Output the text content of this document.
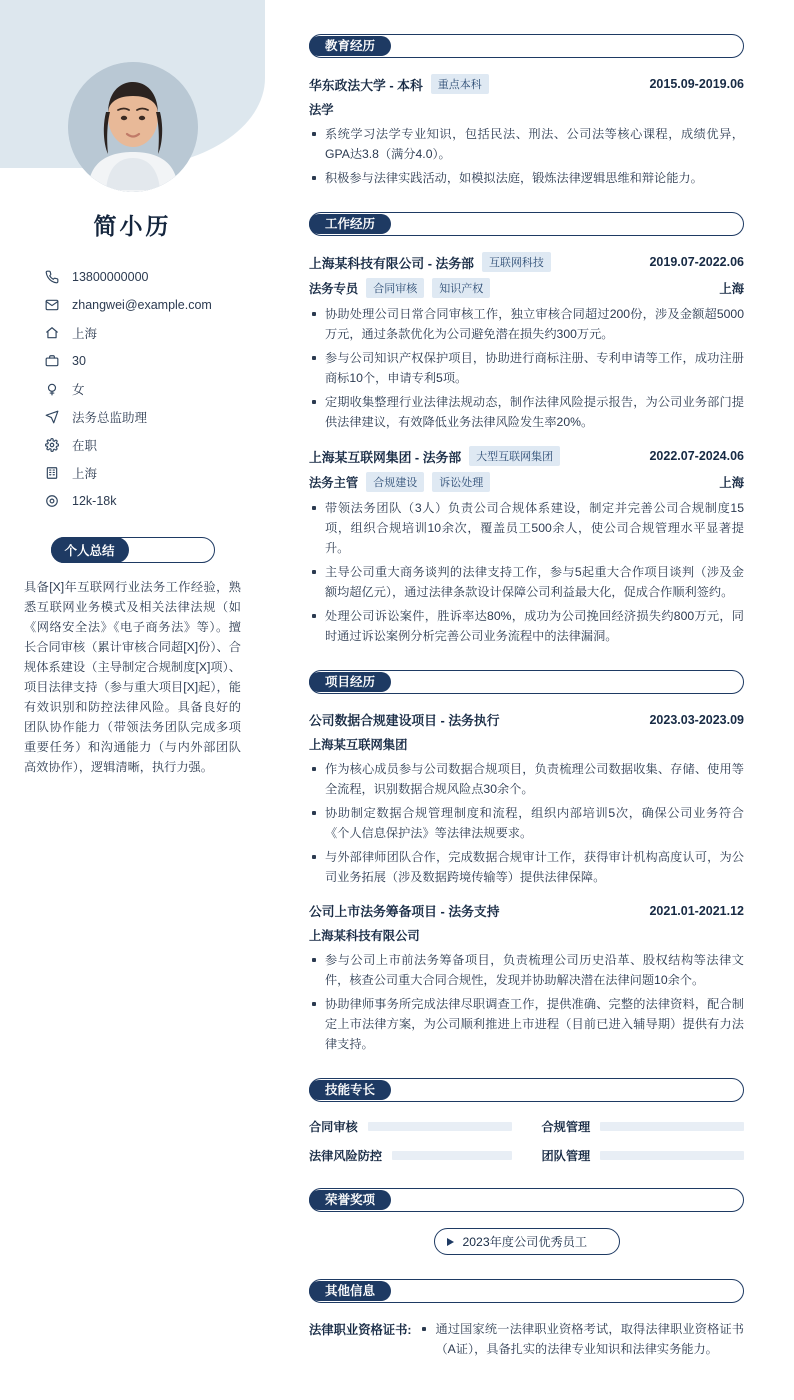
简小历
13800000000
zhangwei@example.com
上海
30
女
法务总监助理
在职
上海
12k-18k
个人总结

具备[X]年互联网行业法务工作经验，熟悉互联网业务模式及相关法律法规（如《网络安全法》《电子商务法》等）。擅长合同审核（累计审核合同超[X]份）、合规体系建设（主导制定合规制度[X]项）、项目法律支持（参与重大项目[X]起），能有效识别和防控法律风险。具备良好的团队协作能力（带领法务团队完成多项重要任务）和沟通能力（与内外部团队高效协作），逻辑清晰，执行力强。

教育经历
华东政法大学 - 本科	重点本科	2015.09-2019.06
法学
系统学习法学专业知识，包括民法、刑法、公司法等核心课程，成绩优异，GPA达3.8（满分4.0）。
积极参与法律实践活动，如模拟法庭，锻炼法律逻辑思维和辩论能力。
工作经历
上海某科技有限公司 - 法务部	互联网科技	2019.07-2022.06
法务专员	合同审核	知识产权	上海
协助处理公司日常合同审核工作，独立审核合同超过200份，涉及金额超5000万元，通过条款优化为公司避免潜在损失约300万元。
参与公司知识产权保护项目，协助进行商标注册、专利申请等工作，成功注册商标10个，申请专利5项。
定期收集整理行业法律法规动态，制作法律风险提示报告，为公司业务部门提供法律建议，有效降低业务法律风险发生率20%。
上海某互联网集团 - 法务部	大型互联网集团	2022.07-2024.06
法务主管	合规建设	诉讼处理	上海
带领法务团队（3人）负责公司合规体系建设，制定并完善公司合规制度15项，组织合规培训10余次，覆盖员工500余人，使公司合规管理水平显著提升。
主导公司重大商务谈判的法律支持工作，参与5起重大合作项目谈判（涉及金额均超亿元），通过法律条款设计保障公司利益最大化，促成合作顺利签约。
处理公司诉讼案件，胜诉率达80%，成功为公司挽回经济损失约800万元，同时通过诉讼案例分析完善公司业务流程中的法律漏洞。
项目经历
公司数据合规建设项目 - 法务执行	2023.03-2023.09
上海某互联网集团
作为核心成员参与公司数据合规项目，负责梳理公司数据收集、存储、使用等全流程，识别数据合规风险点30余个。
协助制定数据合规管理制度和流程，组织内部培训5次，确保公司业务符合《个人信息保护法》等法律法规要求。
与外部律师团队合作，完成数据合规审计工作，获得审计机构高度认可，为公司业务拓展（涉及数据跨境传输等）提供法律保障。
公司上市法务筹备项目 - 法务支持	2021.01-2021.12
上海某科技有限公司
参与公司上市前法务筹备项目，负责梳理公司历史沿革、股权结构等法律文件，核查公司重大合同合规性，发现并协助解决潜在法律问题10余个。
协助律师事务所完成法律尽职调查工作，提供准确、完整的法律资料，配合制定上市法律方案，为公司顺利推进上市进程（目前已进入辅导期）提供有力法律支持。
技能专长
合同审核	合规管理
法律风险防控	团队管理
荣誉奖项
2023年度公司优秀员工
其他信息
法律职业资格证书:	通过国家统一法律职业资格考试，取得法律职业资格证书（A证），具备扎实的法律专业知识和法律实务能力。
